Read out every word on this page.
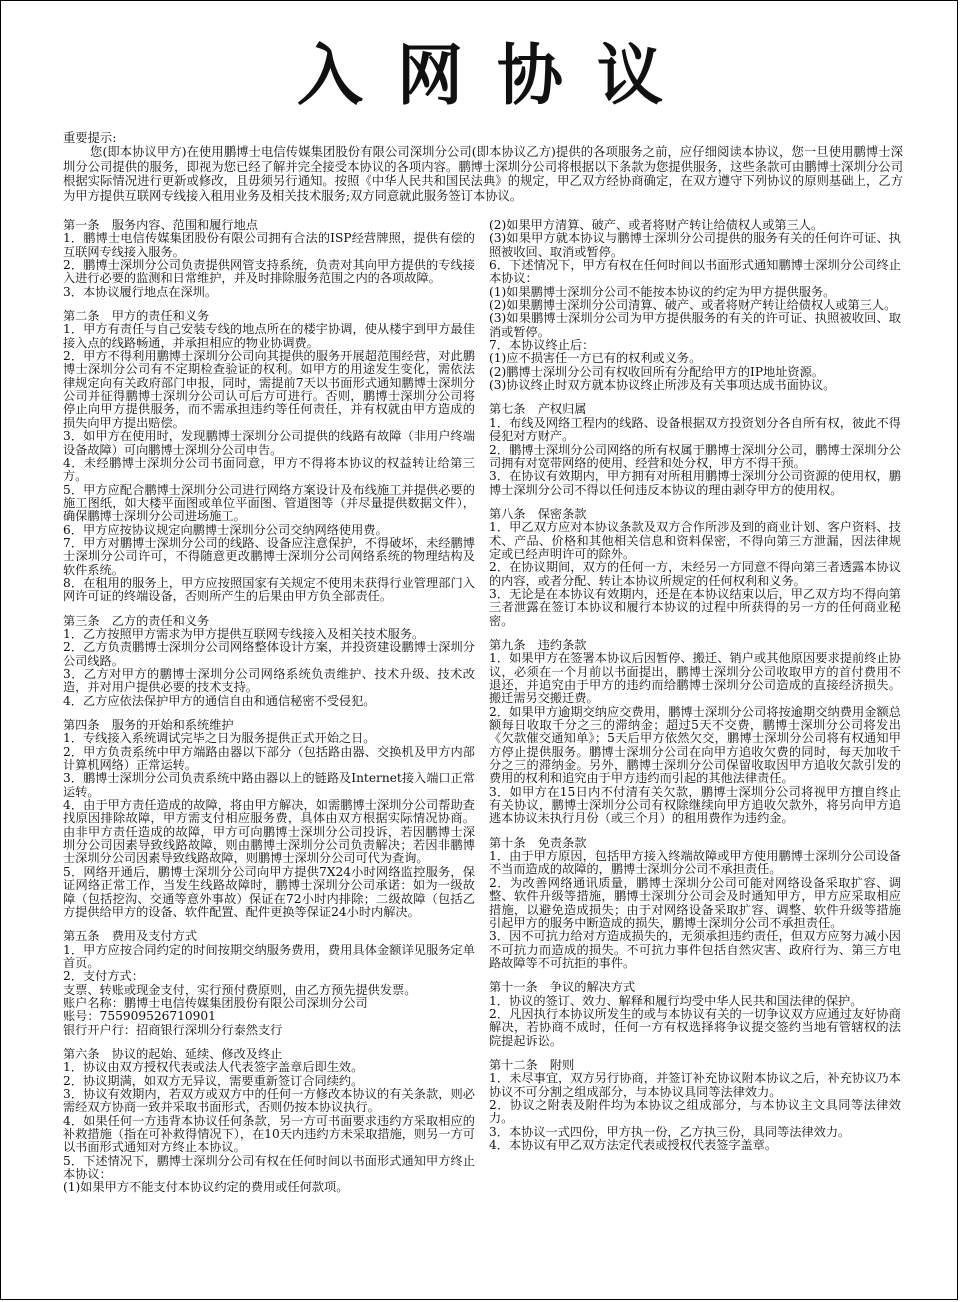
入网协议
重要提示:
您(即本协议甲方)在使用鹏博士电信传媒集团股份有限公司深圳分公司(即本协议乙方)提供的各项服务之前，应仔细阅读本协议，您一旦使用鹏博士深圳分公司提供的服务，即视为您已经了解并完全接受本协议的各项内容。鹏博士深圳分公司将根据以下条款为您提供服务，这些条款可由鹏博士深圳分公司根据实际情况进行更新或修改，且毋须另行通知。按照《中华人民共和国民法典》的规定，甲乙双方经协商确定，在双方遵守下列协议的原则基础上，乙方为甲方提供互联网专线接入租用业务及相关技术服务;双方同意就此服务签订本协议。
第一条　服务内容、范围和履行地点
1．鹏博士电信传媒集团股份有限公司拥有合法的ISP经营牌照，提供有偿的互联网专线接入服务。
2．鹏博士深圳分公司负责提供网管支持系统，负责对其向甲方提供的专线接入进行必要的监测和日常维护，并及时排除服务范围之内的各项故障。
3．本协议履行地点在深圳。
第二条　甲方的责任和义务
1．甲方有责任与自己安装专线的地点所在的楼宇协调，使从楼宇到甲方最佳接入点的线路畅通，并承担相应的物业协调费。
2．甲方不得利用鹏博士深圳分公司向其提供的服务开展超范围经营，对此鹏博士深圳分公司有不定期检查验证的权利。如甲方的用途发生变化，需依法律规定向有关政府部门申报，同时，需提前7天以书面形式通知鹏博士深圳分公司并征得鹏博士深圳分公司认可后方可进行。否则，鹏博士深圳分公司将停止向甲方提供服务，而不需承担违约等任何责任，并有权就由甲方造成的损失向甲方提出赔偿。
3．如甲方在使用时，发现鹏博士深圳分公司提供的线路有故障（非用户终端设备故障）可向鹏博士深圳分公司申告。
4．未经鹏博士深圳分公司书面同意，甲方不得将本协议的权益转让给第三方。
5．甲方应配合鹏博士深圳分公司进行网络方案设计及布线施工并提供必要的施工图纸，如大楼平面图或单位平面图、管道图等（并尽量提供数据文件），确保鹏博士深圳分公司进场施工。
6．甲方应按协议规定向鹏博士深圳分公司交纳网络使用费。
7．甲方对鹏博士深圳分公司的线路、设备应注意保护，不得破坏，未经鹏博士深圳分公司许可，不得随意更改鹏博士深圳分公司网络系统的物理结构及软件系统。
8．在租用的服务上，甲方应按照国家有关规定不使用未获得行业管理部门入网许可证的终端设备，否则所产生的后果由甲方负全部责任。
第三条　乙方的责任和义务
1．乙方按照甲方需求为甲方提供互联网专线接入及相关技术服务。
2．乙方负责鹏博士深圳分公司网络整体设计方案，并投资建设鹏博士深圳分公司线路。
3．乙方对甲方的鹏博士深圳分公司网络系统负责维护、技术升级、技术改造，并对用户提供必要的技术支持。
4．乙方应依法保护甲方的通信自由和通信秘密不受侵犯。
第四条　服务的开始和系统维护
1．专线接入系统调试完毕之日为服务提供正式开始之日。
2．甲方负责系统中甲方端路由器以下部分（包括路由器、交换机及甲方内部计算机网络）正常运转。
3．鹏博士深圳分公司负责系统中路由器以上的链路及Internet接入端口正常运转。
4．由于甲方责任造成的故障，将由甲方解决，如需鹏博士深圳分公司帮助查找原因排除故障，甲方需支付相应服务费，具体由双方根据实际情况协商。由非甲方责任造成的故障，甲方可向鹏博士深圳分公司投诉，若因鹏博士深圳分公司因素导致线路故障，则由鹏博士深圳分公司负责解决；若因非鹏博士深圳分公司因素导致线路故障，则鹏博士深圳分公司可代为查询。
5．网络开通后，鹏博士深圳分公司向甲方提供7X24小时网络监控服务，保证网络正常工作，当发生线路故障时，鹏博士深圳分公司承诺：如为一级故障（包括挖沟、交通等意外事故）保证在72小时内排除；二级故障（包括乙方提供给甲方的设备、软件配置、配件更换等保证24小时内解决。
第五条　费用及支付方式
1．甲方应按合同约定的时间按期交纳服务费用，费用具体金额详见服务定单首页。
2．支付方式：
支票、转账或现金支付，实行预付费原则，由乙方预先提供发票。
账户名称：鹏博士电信传媒集团股份有限公司深圳分公司
账号：755909526710901
银行开户行：招商银行深圳分行泰然支行
第六条　协议的起始、延续、修改及终止
1．协议由双方授权代表或法人代表签字盖章后即生效。
2．协议期满，如双方无异议，需要重新签订合同续约。
3．协议有效期内，若双方或双方中的任何一方修改本协议的有关条款，则必需经双方协商一致并采取书面形式，否则仍按本协议执行。
4．如果任何一方违背本协议任何条款，另一方可书面要求违约方采取相应的补救措施（指在可补救得情况下），在10天内违约方未采取措施，则另一方可以书面形式通知对方终止本协议。
5．下述情况下，鹏博士深圳分公司有权在任何时间以书面形式通知甲方终止本协议：
(1)如果甲方不能支付本协议约定的费用或任何款项。
(2)如果甲方清算、破产、或者将财产转让给债权人或第三人。
(3)如果甲方就本协议与鹏博士深圳分公司提供的服务有关的任何许可证、执照被收回、取消或暂停。
6．下述情况下，甲方有权在任何时间以书面形式通知鹏博士深圳分公司终止本协议：
(1)如果鹏博士深圳分公司不能按本协议的约定为甲方提供服务。
(2)如果鹏博士深圳分公司清算、破产、或者将财产转让给债权人或第三人。
(3)如果鹏博士深圳分公司为甲方提供服务的有关的许可证、执照被收回、取消或暂停。
7．本协议终止后：
(1)应不损害任一方已有的权利或义务。
(2)鹏博士深圳分公司有权收回所有分配给甲方的IP地址资源。
(3)协议终止时双方就本协议终止所涉及有关事项达成书面协议。
第七条　产权归属
1．布线及网络工程内的线路、设备根据双方投资划分各自所有权，彼此不得侵犯对方财产。
2．鹏博士深圳分公司网络的所有权属于鹏博士深圳分公司，鹏博士深圳分公司拥有对宽带网络的使用、经营和处分权，甲方不得干预。
3．在协议有效期内，甲方拥有对所租用鹏博士深圳分公司资源的使用权，鹏博士深圳分公司不得以任何违反本协议的理由剥夺甲方的使用权。
第八条　保密条款
1．甲乙双方应对本协议条款及双方合作所涉及到的商业计划、客户资料、技术、产品、价格和其他相关信息和资料保密，不得向第三方泄漏，因法律规定或已经声明许可的除外。
2．在协议期间，双方的任何一方，未经另一方同意不得向第三者透露本协议的内容，或者分配、转让本协议所规定的任何权利和义务。
3．无论是在本协议有效期内，还是在本协议结束以后，甲乙双方均不得向第三者泄露在签订本协议和履行本协议的过程中所获得的另一方的任何商业秘密。
第九条　违约条款
1．如果甲方在签署本协议后因暂停、搬迁、销户或其他原因要求提前终止协议，必须在一个月前以书面提出，鹏博士深圳分公司收取甲方的首付费用不退还，并追究由于甲方的违约而给鹏博士深圳分公司造成的直接经济损失。搬迁需另交搬迁费。
2．如果甲方逾期交纳应交费用，鹏博士深圳分公司将按逾期交纳费用金额总额每日收取千分之三的滞纳金；超过5天不交费，鹏博士深圳分公司将发出《欠款催交通知单》；5天后甲方依然欠交，鹏博士深圳分公司将有权通知甲方停止提供服务。鹏博士深圳分公司在向甲方追收欠费的同时，每天加收千分之三的滞纳金。另外，鹏博士深圳分公司保留收取因甲方追收欠款引发的费用的权利和追究由于甲方违约而引起的其他法律责任。
3．如甲方在15日内不付清有关欠款，鹏博士深圳分公司将视甲方擅自终止有关协议，鹏博士深圳分公司有权除继续向甲方追收欠款外，将另向甲方追逃本协议未执行月份（或三个月）的租用费作为违约金。
第十条　免责条款
1．由于甲方原因，包括甲方接入终端故障或甲方使用鹏博士深圳分公司设备不当而造成的故障的，鹏博士深圳分公司不承担责任。
2．为改善网络通讯质量，鹏博士深圳分公司可能对网络设备采取扩容、调整、软件升级等措施，鹏博士深圳分公司会及时通知甲方，甲方应采取相应措施，以避免造成损失；由于对网络设备采取扩容、调整、软件升级等措施引起甲方的服务中断造成的损失，鹏博士深圳分公司不承担责任。
3．因不可抗力给对方造成损失的，无须承担违约责任，但双方应努力减小因不可抗力而造成的损失。不可抗力事件包括自然灾害、政府行为、第三方电路故障等不可抗拒的事件。
第十一条　争议的解决方式
1．协议的签订、效力、解释和履行均受中华人民共和国法律的保护。
2．凡因执行本协议所发生的或与本协议有关的一切争议双方应通过友好协商解决，若协商不成时，任何一方有权选择将争议提交签约当地有管辖权的法院提起诉讼。
第十二条　附则
1．未尽事宜，双方另行协商，并签订补充协议附本协议之后，补充协议乃本协议不可分割之组成部分，与本协议具同等法律效力。
2．协议之附表及附件均为本协议之组成部分，与本协议主文具同等法律效力。
3．本协议一式四份，甲方执一份，乙方执三份，具同等法律效力。
4．本协议有甲乙双方法定代表或授权代表签字盖章。
